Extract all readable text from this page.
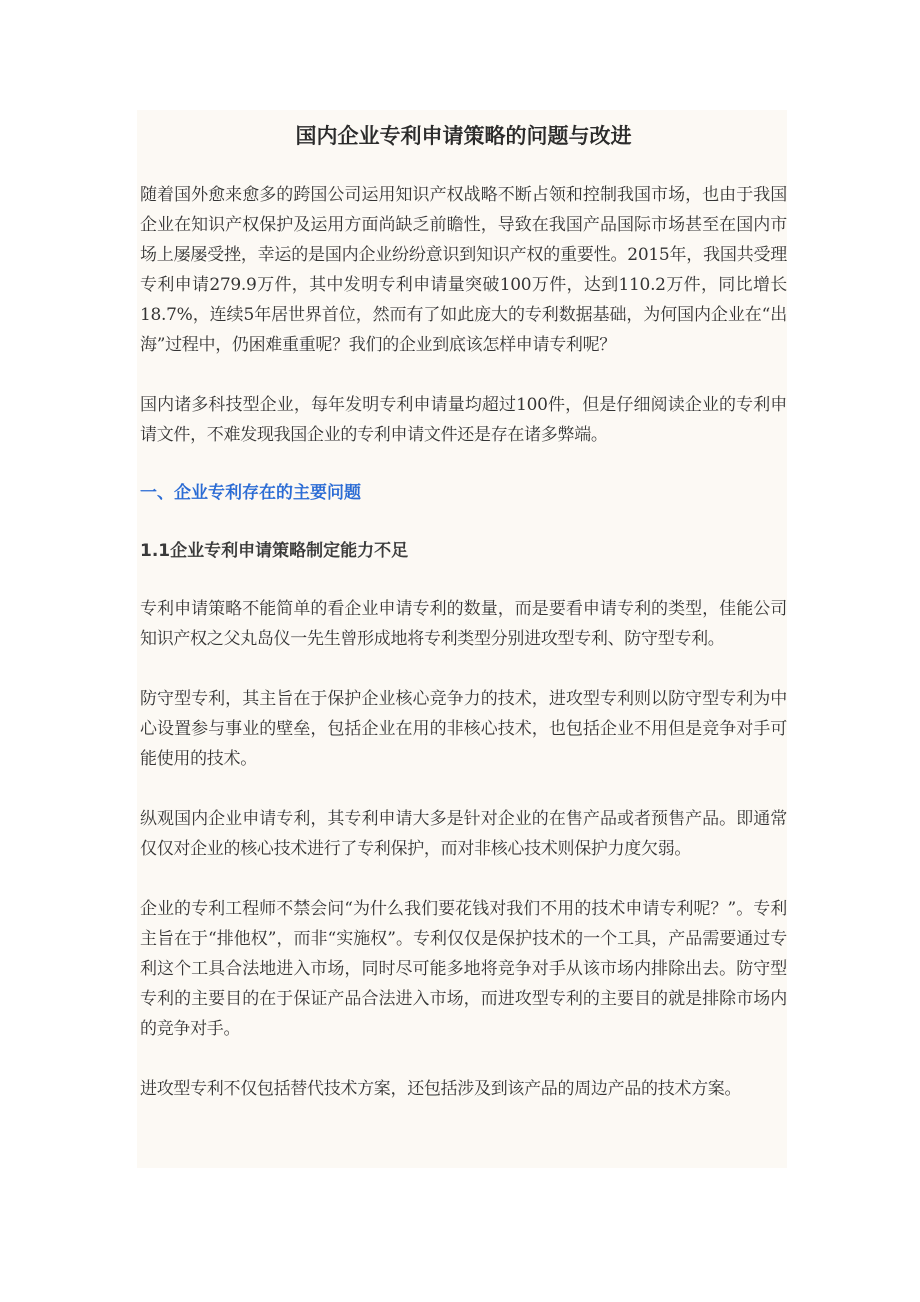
国内企业专利申请策略的问题与改进

随着国外愈来愈多的跨国公司运用知识产权战略不断占领和控制我国市场，也由于我国企业在知识产权保护及运用方面尚缺乏前瞻性，导致在我国产品国际市场甚至在国内市场上屡屡受挫，幸运的是国内企业纷纷意识到知识产权的重要性。2015年，我国共受理专利申请279.9万件，其中发明专利申请量突破100万件，达到110.2万件，同比增长18.7%，连续5年居世界首位，然而有了如此庞大的专利数据基础，为何国内企业在“出海”过程中，仍困难重重呢？我们的企业到底该怎样申请专利呢？

国内诸多科技型企业，每年发明专利申请量均超过100件，但是仔细阅读企业的专利申请文件，不难发现我国企业的专利申请文件还是存在诸多弊端。

一、企业专利存在的主要问题
1.1企业专利申请策略制定能力不足

专利申请策略不能简单的看企业申请专利的数量，而是要看申请专利的类型，佳能公司知识产权之父丸岛仪一先生曾形成地将专利类型分别进攻型专利、防守型专利。

防守型专利，其主旨在于保护企业核心竞争力的技术，进攻型专利则以防守型专利为中心设置参与事业的壁垒，包括企业在用的非核心技术，也包括企业不用但是竞争对手可能使用的技术。

纵观国内企业申请专利，其专利申请大多是针对企业的在售产品或者预售产品。即通常仅仅对企业的核心技术进行了专利保护，而对非核心技术则保护力度欠弱。

企业的专利工程师不禁会问“为什么我们要花钱对我们不用的技术申请专利呢？”。专利主旨在于“排他权”，而非“实施权”。专利仅仅是保护技术的一个工具，产品需要通过专利这个工具合法地进入市场，同时尽可能多地将竞争对手从该市场内排除出去。防守型专利的主要目的在于保证产品合法进入市场，而进攻型专利的主要目的就是排除市场内的竞争对手。

进攻型专利不仅包括替代技术方案，还包括涉及到该产品的周边产品的技术方案。
